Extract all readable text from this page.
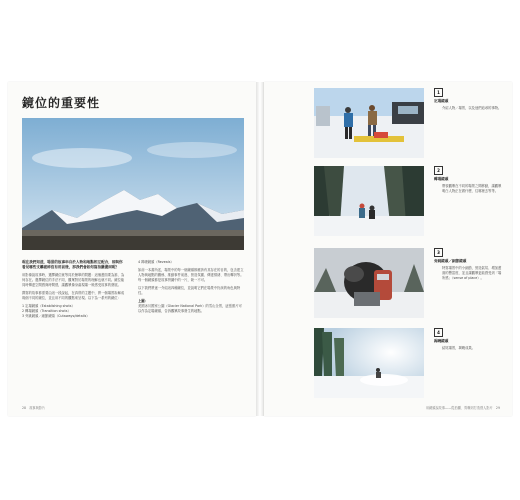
鏡位的重要性

現在我們知道，場景的故事串自於人物和地點相互配合，卻與你看見哪些支離破碎沒有用前後，那我們會如何寫拍攝畫面呢？

用影像說故事時，選擇鏡位就等同於簡單的問題：這個畫面要為誰、為何存在。選擇鏡位的手法不同，觀眾對於場景的理解也就不同。鏡位能同時傳達空間感與時間感，讓觀眾像身處現場一般感受故事的發展。

撰寫的故事都需要由這一段說起，在真實的主題中，將一個場景拆解成幾個不同的鏡位，並且用不同的觀點來呈現。以下為一系列的鏡位：

1 定場鏡頭（Establishing shots）
2 轉場鏡頭（Transition shots）
3 旁跳鏡頭／細節鏡頭（Cutaways/details）

4 揭曉鏡頭（Reveals）

如前一本書所述，場景中的每一個鏡頭都應該有其存在的目的，包含建立人物與地點的關係、推動事件前進、營造氛圍、傳達情緒、帶出轉折等。每一個鏡頭都是故事拼圖中的一片，缺一不可。

以下我們將逐一介紹這四種鏡位，並說明它們在場景中扮演的角色與特性。

上圖：
美國冰川國家公園（Glacier National Park）的雪山全景，這張照片可以作為定場鏡頭，告訴觀眾故事發生的地點。

28　故事與影片
1
定場鏡頭
介紹人物／場景，以及他們追尋的事物。
2
轉場鏡頭
帶領觀眾在不同的場景之間移動，讓觀眾明白人物正在做什麼、往哪裡去等等。
3
旁跳鏡頭／細節鏡頭
特寫場景中的小細節，營造氣氛、增加畫面的豐富度，並且讓觀眾更能感受到「場所感」（sense of place）。
4
揭曉鏡頭
結尾場景，揭曉成果。
用鏡頭說故事——從拍攝、剪輯到打造感人影片　29
